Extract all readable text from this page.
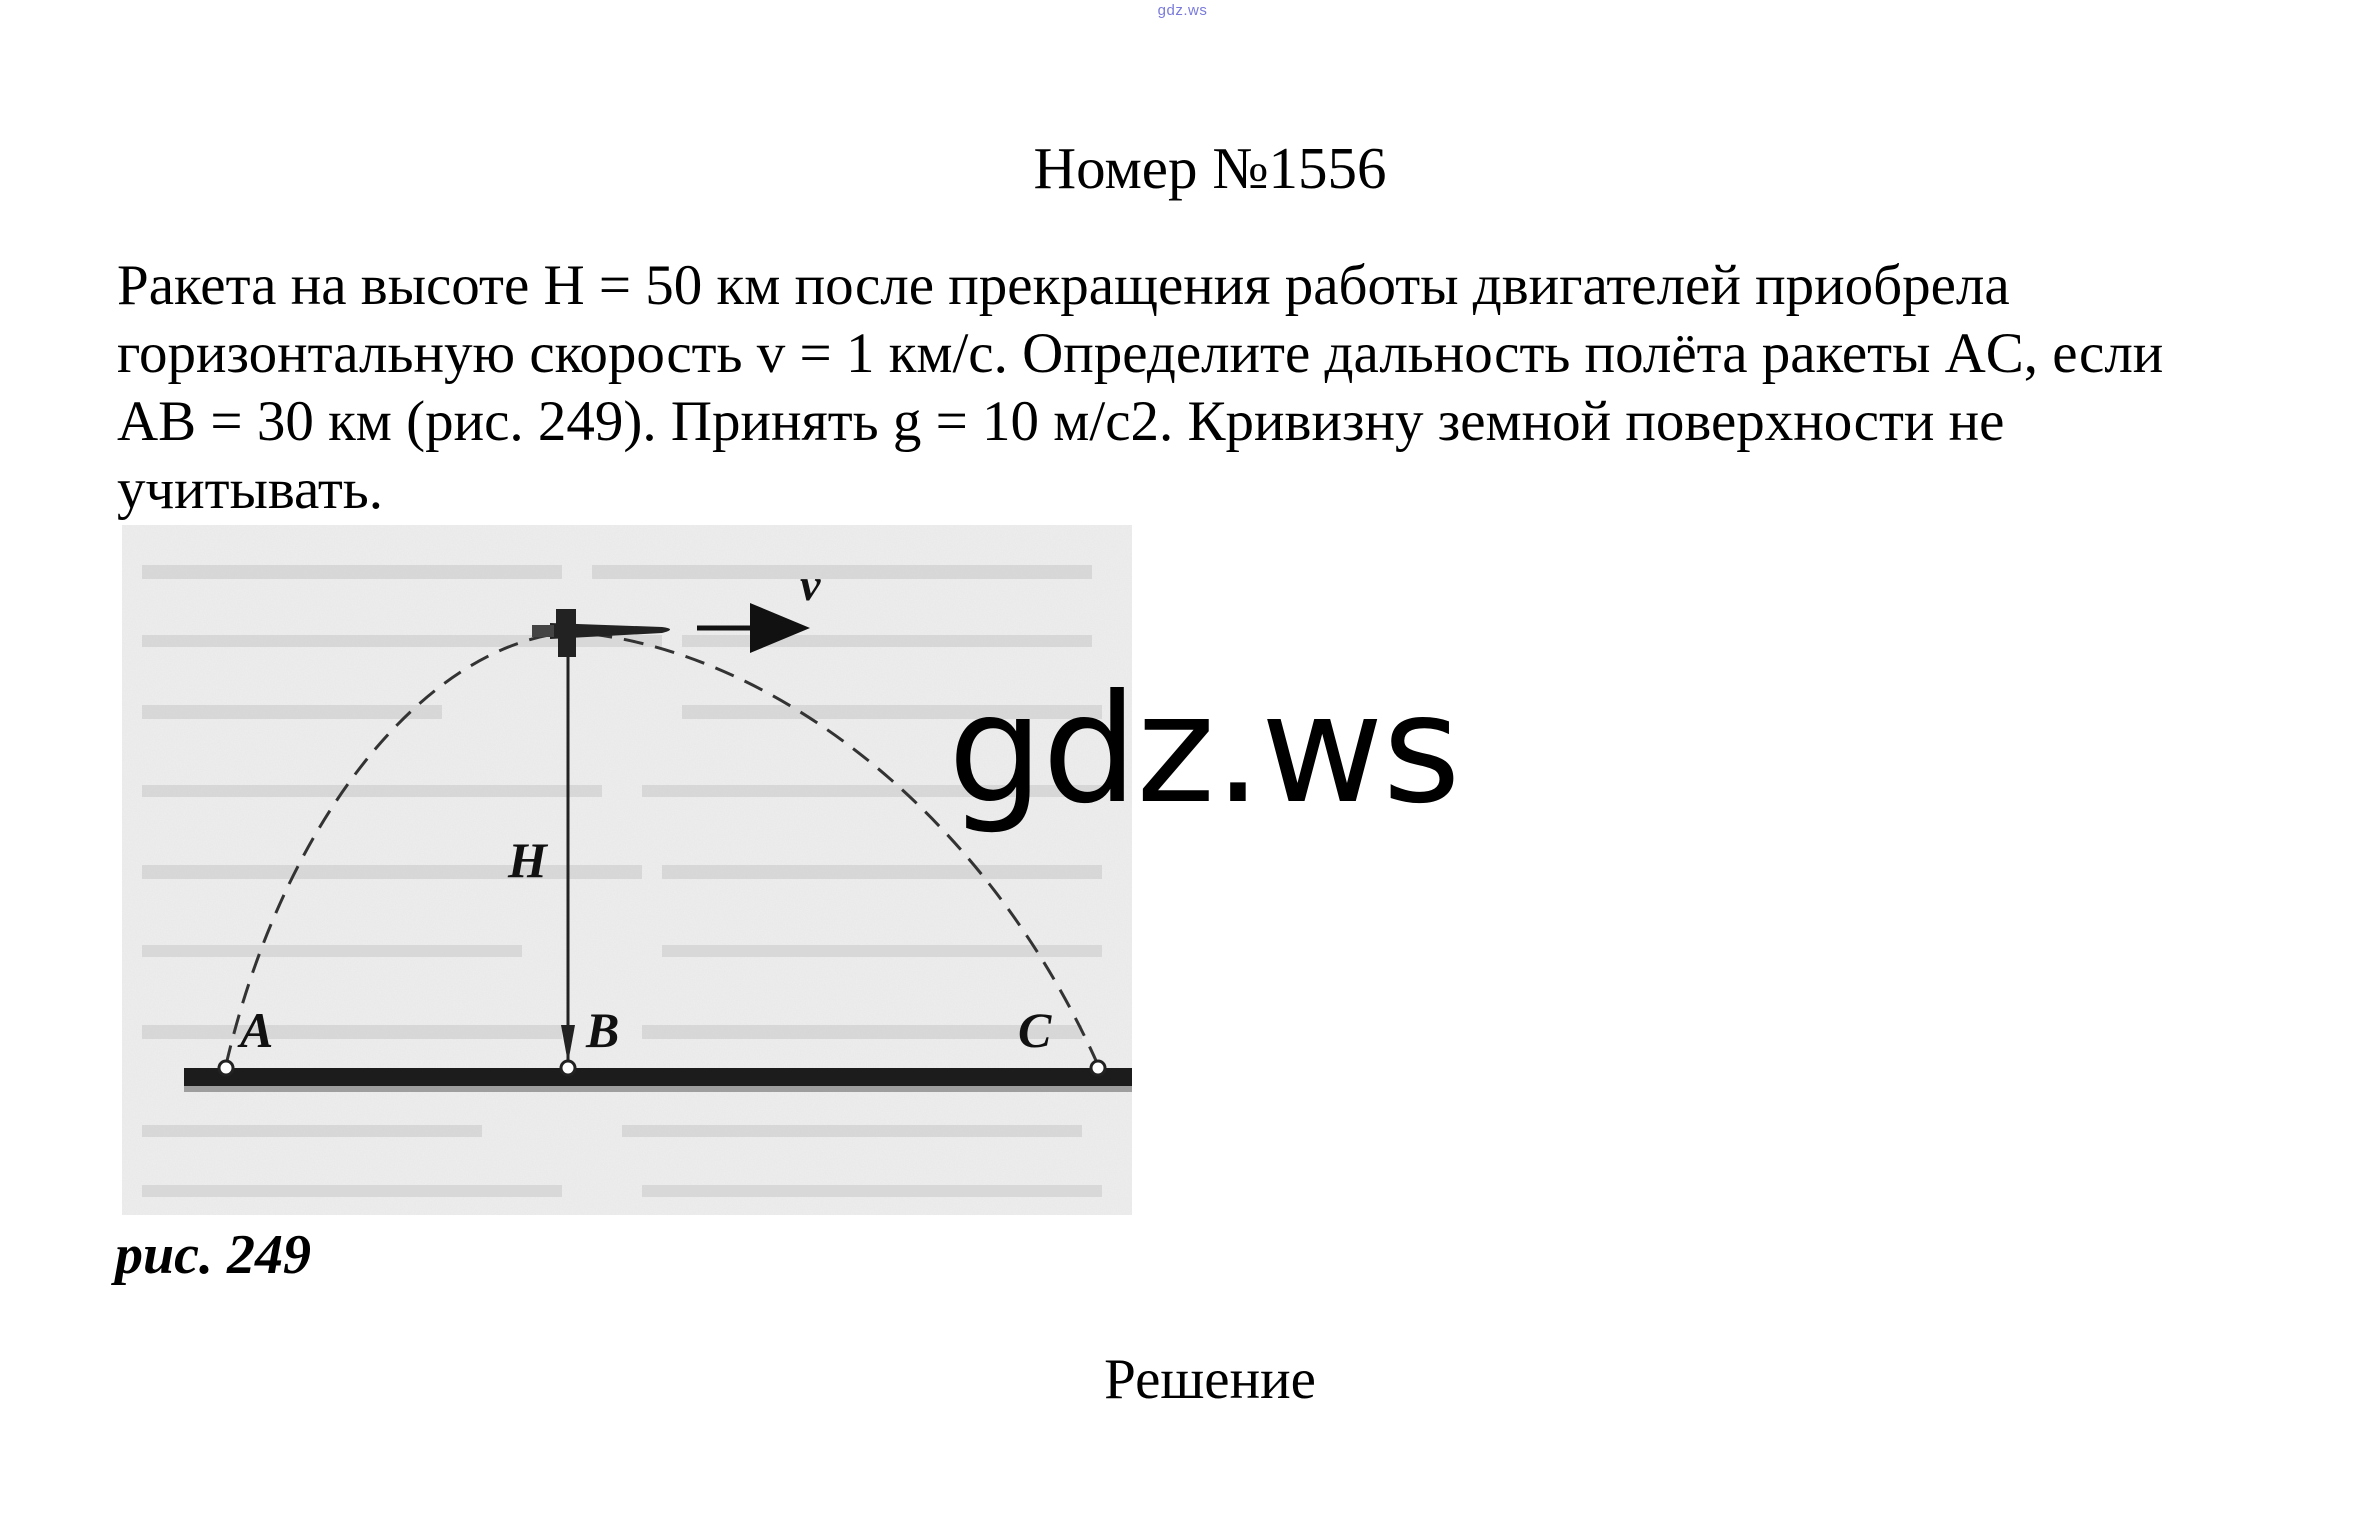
gdz.ws
Номер №1556
Ракета на высоте H = 50 км после прекращения работы двигателей приобрела
горизонтальную скорость v = 1 км/с. Определите дальность полёта ракеты AC, если
AB = 30 км (рис. 249). Принять g = 10 м/с2. Кривизну земной поверхности не
учитывать.
v⃗
H
A	B	C
gdz.ws
рис. 249
Решение
